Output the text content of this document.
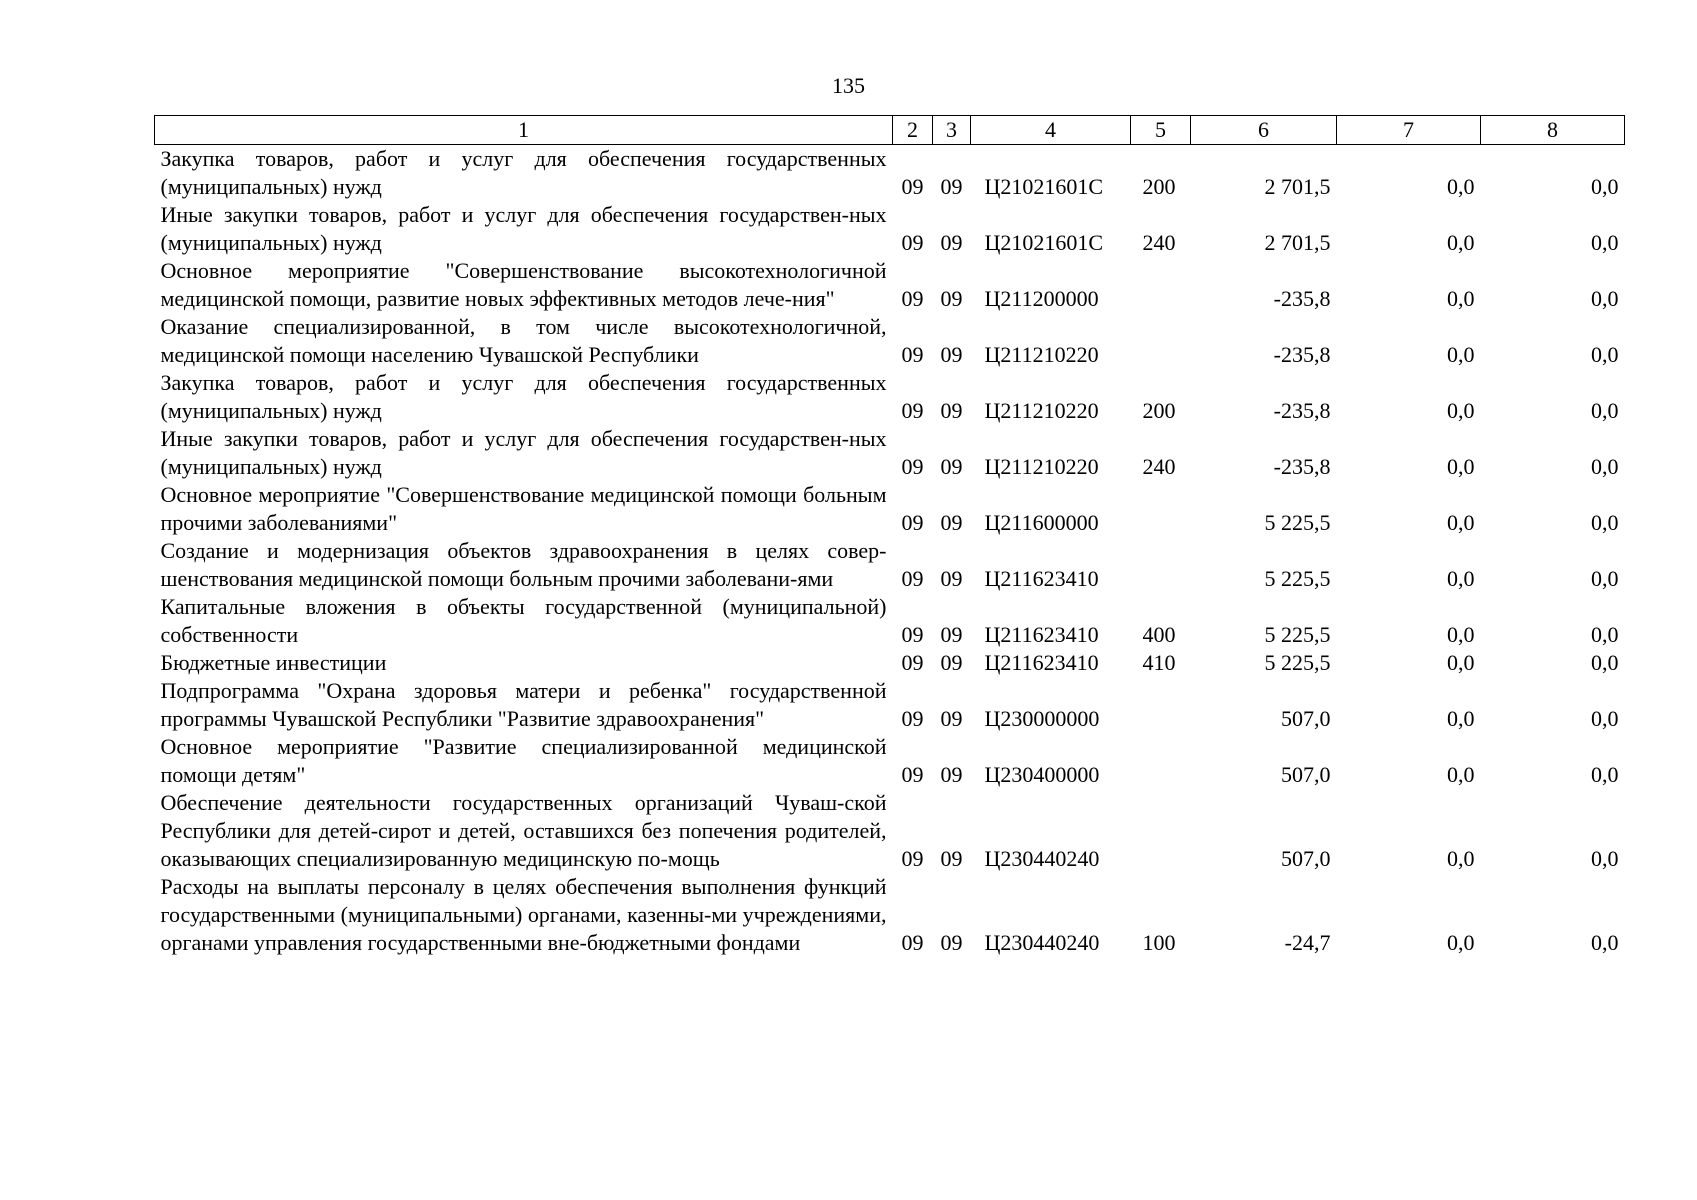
135
1	2	3	4	5	6	7	8
Закупка товаров, работ и услуг для обеспечения государственных (муниципальных) нужд	09	09	Ц21021601С	200	2 701,5	0,0	0,0
Иные закупки товаров, работ и услуг для обеспечения государствен-ных (муниципальных) нужд	09	09	Ц21021601С	240	2 701,5	0,0	0,0
Основное мероприятие "Совершенствование высокотехнологичной медицинской помощи, развитие новых эффективных методов лече-ния"	09	09	Ц211200000		-235,8	0,0	0,0
Оказание специализированной, в том числе высокотехнологичной, медицинской помощи населению Чувашской Республики	09	09	Ц211210220		-235,8	0,0	0,0
Закупка товаров, работ и услуг для обеспечения государственных (муниципальных) нужд	09	09	Ц211210220	200	-235,8	0,0	0,0
Иные закупки товаров, работ и услуг для обеспечения государствен-ных (муниципальных) нужд	09	09	Ц211210220	240	-235,8	0,0	0,0
Основное мероприятие "Совершенствование медицинской помощи больным прочими заболеваниями"	09	09	Ц211600000		5 225,5	0,0	0,0
Создание и модернизация объектов здравоохранения в целях совер-шенствования медицинской помощи больным прочими заболевани-ями	09	09	Ц211623410		5 225,5	0,0	0,0
Капитальные вложения в объекты государственной (муниципальной) собственности	09	09	Ц211623410	400	5 225,5	0,0	0,0
Бюджетные инвестиции	09	09	Ц211623410	410	5 225,5	0,0	0,0
Подпрограмма "Охрана здоровья матери и ребенка" государственной программы Чувашской Республики "Развитие здравоохранения"	09	09	Ц230000000		507,0	0,0	0,0
Основное мероприятие "Развитие специализированной медицинской помощи детям"	09	09	Ц230400000		507,0	0,0	0,0
Обеспечение деятельности государственных организаций Чуваш-ской Республики для детей-сирот и детей, оставшихся без попечения родителей, оказывающих специализированную медицинскую по-мощь	09	09	Ц230440240		507,0	0,0	0,0
Расходы на выплаты персоналу в целях обеспечения выполнения функций государственными (муниципальными) органами, казенны-ми учреждениями, органами управления государственными вне-бюджетными фондами	09	09	Ц230440240	100	-24,7	0,0	0,0
